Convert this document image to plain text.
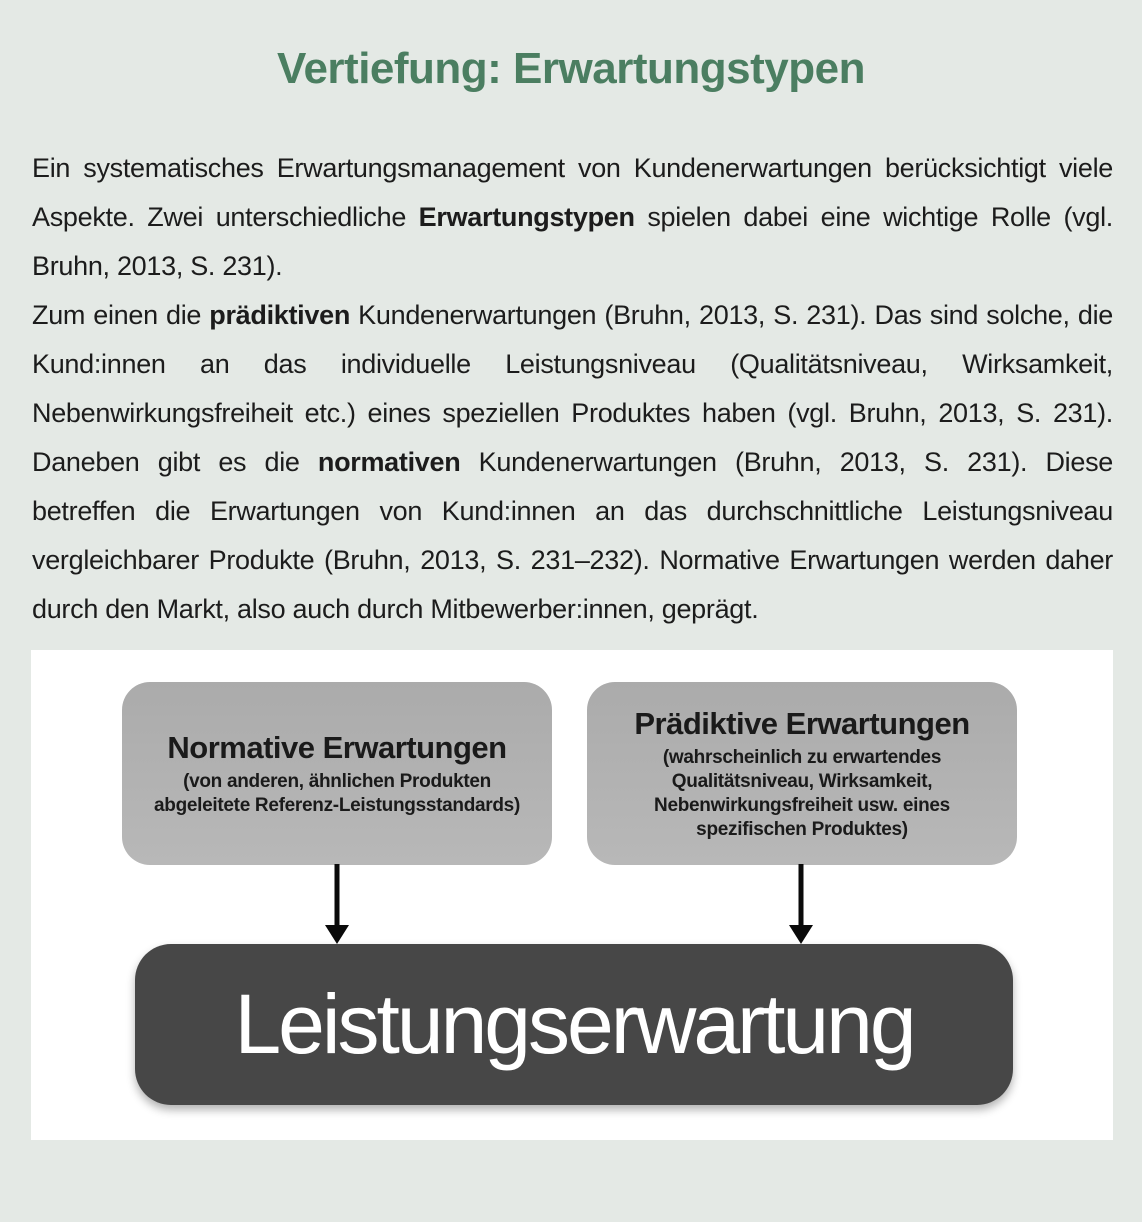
Vertiefung: Erwartungstypen

Ein systematisches Erwartungsmanagement von Kundenerwartungen berücksichtigt viele Aspekte. Zwei unterschiedliche Erwartungstypen spielen dabei eine wichtige Rolle (vgl. Bruhn, 2013, S. 231).

Zum einen die prädiktiven Kundenerwartungen (Bruhn, 2013, S. 231). Das sind solche, die Kund:innen an das individuelle Leistungsniveau (Qualitätsniveau, Wirksamkeit, Nebenwirkungsfreiheit etc.) eines speziellen Produktes haben (vgl. Bruhn, 2013, S. 231). Daneben gibt es die normativen Kundenerwartungen (Bruhn, 2013, S. 231). Diese betreffen die Erwartungen von Kund:innen an das durchschnittliche Leistungsniveau vergleichbarer Produkte (Bruhn, 2013, S. 231–232). Normative Erwartungen werden daher durch den Markt, also auch durch Mitbewerber:innen, geprägt.

Normative Erwartungen
(von anderen, ähnlichen Produkten abgeleitete Referenz-Leistungsstandards)
Prädiktive Erwartungen
(wahrscheinlich zu erwartendes Qualitätsniveau, Wirksamkeit, Nebenwirkungsfreiheit usw. eines spezifischen Produktes)
Leistungserwartung
